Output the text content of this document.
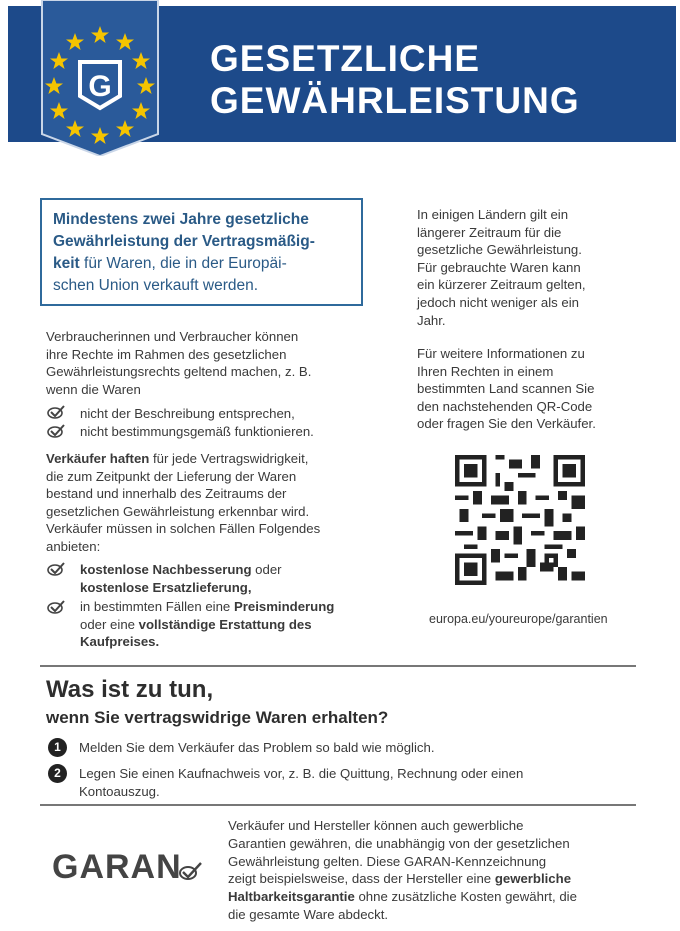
G
GESETZLICHE
GEWÄHRLEISTUNG
Mindestens zwei Jahre gesetzliche
Gewährleistung der Vertragsmäßig-
keit für Waren, die in der Europäi-
schen Union verkauft werden.
Verbraucherinnen und Verbraucher können
ihre Rechte im Rahmen des gesetzlichen
Gewährleistungsrechts geltend machen, z. B.
wenn die Waren
nicht der Beschreibung entsprechen,
nicht bestimmungsgemäß funktionieren.
Verkäufer haften für jede Vertragswidrigkeit,
die zum Zeitpunkt der Lieferung der Waren
bestand und innerhalb des Zeitraums der
gesetzlichen Gewährleistung erkennbar wird.
Verkäufer müssen in solchen Fällen Folgendes
anbieten:
kostenlose Nachbesserung oder
kostenlose Ersatzlieferung,
in bestimmten Fällen eine Preisminderung
oder eine vollständige Erstattung des
Kaufpreises.
In einigen Ländern gilt ein
längerer Zeitraum für die
gesetzliche Gewährleistung.
Für gebrauchte Waren kann
ein kürzerer Zeitraum gelten,
jedoch nicht weniger als ein
Jahr.
Für weitere Informationen zu
Ihren Rechten in einem
bestimmten Land scannen Sie
den nachstehenden QR-Code
oder fragen Sie den Verkäufer.
europa.eu/youreurope/garantien
Was ist zu tun,
wenn Sie vertragswidrige Waren erhalten?
1	Melden Sie dem Verkäufer das Problem so bald wie möglich.
2	Legen Sie einen Kaufnachweis vor, z. B. die Quittung, Rechnung oder einen
Kontoauszug.
GARAN
Verkäufer und Hersteller können auch gewerbliche
Garantien gewähren, die unabhängig von der gesetzlichen
Gewährleistung gelten. Diese GARAN-Kennzeichnung
zeigt beispielsweise, dass der Hersteller eine gewerbliche
Haltbarkeitsgarantie ohne zusätzliche Kosten gewährt, die
die gesamte Ware abdeckt.
